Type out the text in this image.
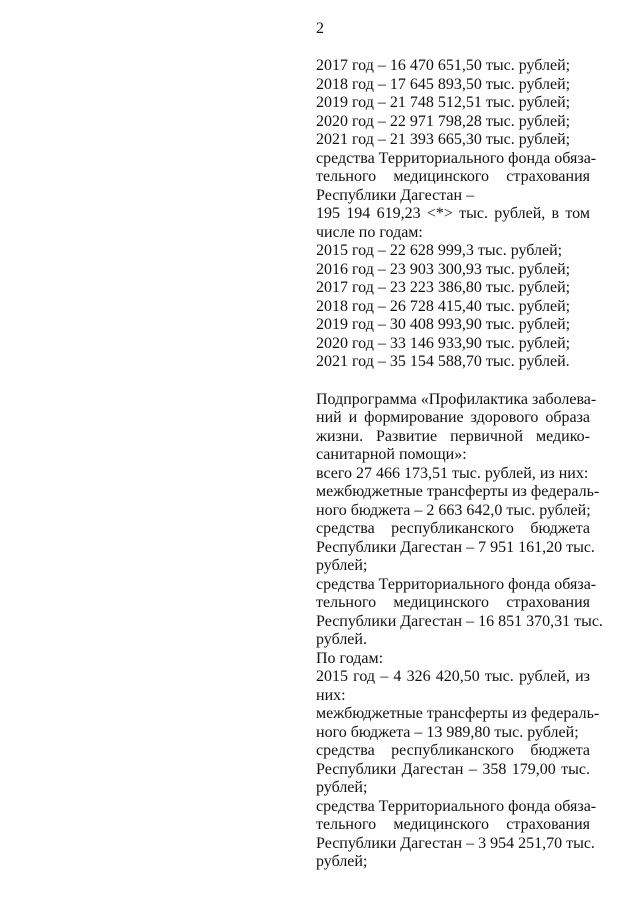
2
2017 год – 16 470 651,50 тыс. рублей;
2018 год – 17 645 893,50 тыс. рублей;
2019 год – 21 748 512,51 тыс. рублей;
2020 год – 22 971 798,28 тыс. рублей;
2021 год – 21 393 665,30 тыс. рублей;
средства Территориального фонда обяза-
тельного медицинского страхования
Республики Дагестан –
195 194 619,23 <*> тыс. рублей, в том
числе по годам:
2015 год – 22 628 999,3 тыс. рублей;
2016 год – 23 903 300,93 тыс. рублей;
2017 год – 23 223 386,80 тыс. рублей;
2018 год – 26 728 415,40 тыс. рублей;
2019 год – 30 408 993,90 тыс. рублей;
2020 год – 33 146 933,90 тыс. рублей;
2021 год – 35 154 588,70 тыс. рублей.
Подпрограмма «Профилактика заболева-
ний и формирование здорового образа
жизни. Развитие первичной медико-
санитарной помощи»:
всего 27 466 173,51 тыс. рублей, из них:
межбюджетные трансферты из федераль-
ного бюджета – 2 663 642,0 тыс. рублей;
средства республиканского бюджета
Республики Дагестан – 7 951 161,20 тыс.
рублей;
средства Территориального фонда обяза-
тельного медицинского страхования
Республики Дагестан – 16 851 370,31 тыс.
рублей.
По годам:
2015 год – 4 326 420,50 тыс. рублей, из
них:
межбюджетные трансферты из федераль-
ного бюджета – 13 989,80 тыс. рублей;
средства республиканского бюджета
Республики Дагестан – 358 179,00 тыс.
рублей;
средства Территориального фонда обяза-
тельного медицинского страхования
Республики Дагестан – 3 954 251,70 тыс.
рублей;
